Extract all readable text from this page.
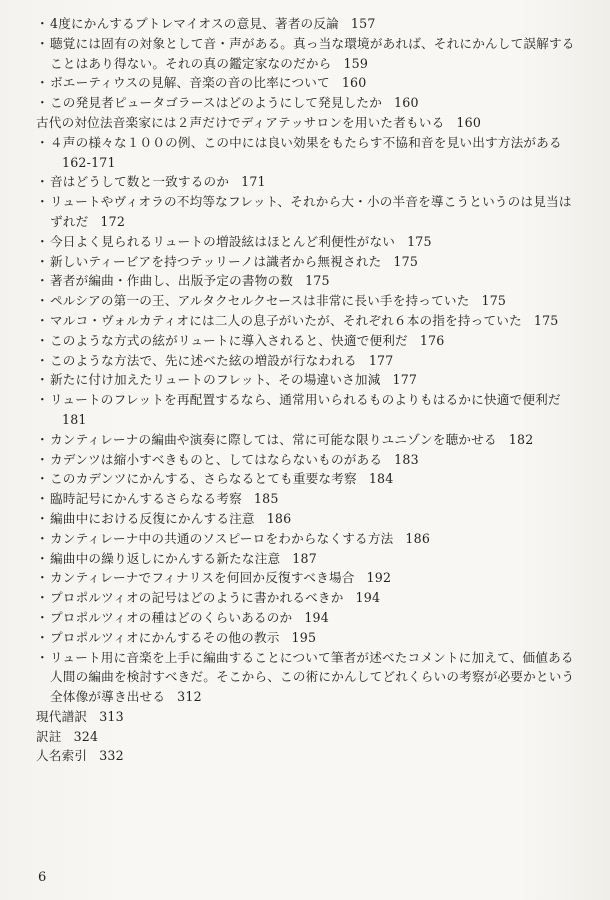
・ 4度にかんするプトレマイオスの意見、著者の反論 157
・ 聴覚には固有の対象として音・声がある。真っ当な環境があれば、それにかんして誤解することはあり得ない。それの真の鑑定家なのだから 159
・ ボエーティウスの見解、音楽の音の比率について 160
・ この発見者ピュータゴラースはどのようにして発見したか 160
古代の対位法音楽家には２声だけでディアテッサロンを用いた者もいる 160
・ ４声の様々な１００の例、この中には良い効果をもたらす不協和音を見い出す方法がある162-171
・ 音はどうして数と一致するのか 171
・ リュートやヴィオラの不均等なフレット、それから大・小の半音を導こうというのは見当はずれだ 172
・ 今日よく見られるリュートの増設絃はほとんど利便性がない 175
・ 新しいティービアを持つテッリーノは識者から無視された 175
・ 著者が編曲・作曲し、出版予定の書物の数 175
・ ペルシアの第一の王、アルタクセルクセースは非常に長い手を持っていた 175
・ マルコ・ヴォルカティオには二人の息子がいたが、それぞれ６本の指を持っていた 175
・ このような方式の絃がリュートに導入されると、快適で便利だ 176
・ このような方法で、先に述べた絃の増設が行なわれる 177
・ 新たに付け加えたリュートのフレット、その場違いさ加減 177
・ リュートのフレットを再配置するなら、通常用いられるものよりもはるかに快適で便利だ181
・ カンティレーナの編曲や演奏に際しては、常に可能な限りユニゾンを聴かせる 182
・ カデンツは縮小すべきものと、してはならないものがある 183
・ このカデンツにかんする、さらなるとても重要な考察 184
・ 臨時記号にかんするさらなる考察 185
・ 編曲中における反復にかんする注意 186
・ カンティレーナ中の共通のソスピーロをわからなくする方法 186
・ 編曲中の繰り返しにかんする新たな注意 187
・ カンティレーナでフィナリスを何回か反復すべき場合 192
・ プロポルツィオの記号はどのように書かれるべきか 194
・ プロポルツィオの種はどのくらいあるのか 194
・ プロポルツィオにかんするその他の教示 195
・ リュート用に音楽を上手に編曲することについて筆者が述べたコメントに加えて、価値ある人間の編曲を検討すべきだ。そこから、この術にかんしてどれくらいの考察が必要かという全体像が導き出せる 312
現代譜訳 313
訳註 324
人名索引 332
6
